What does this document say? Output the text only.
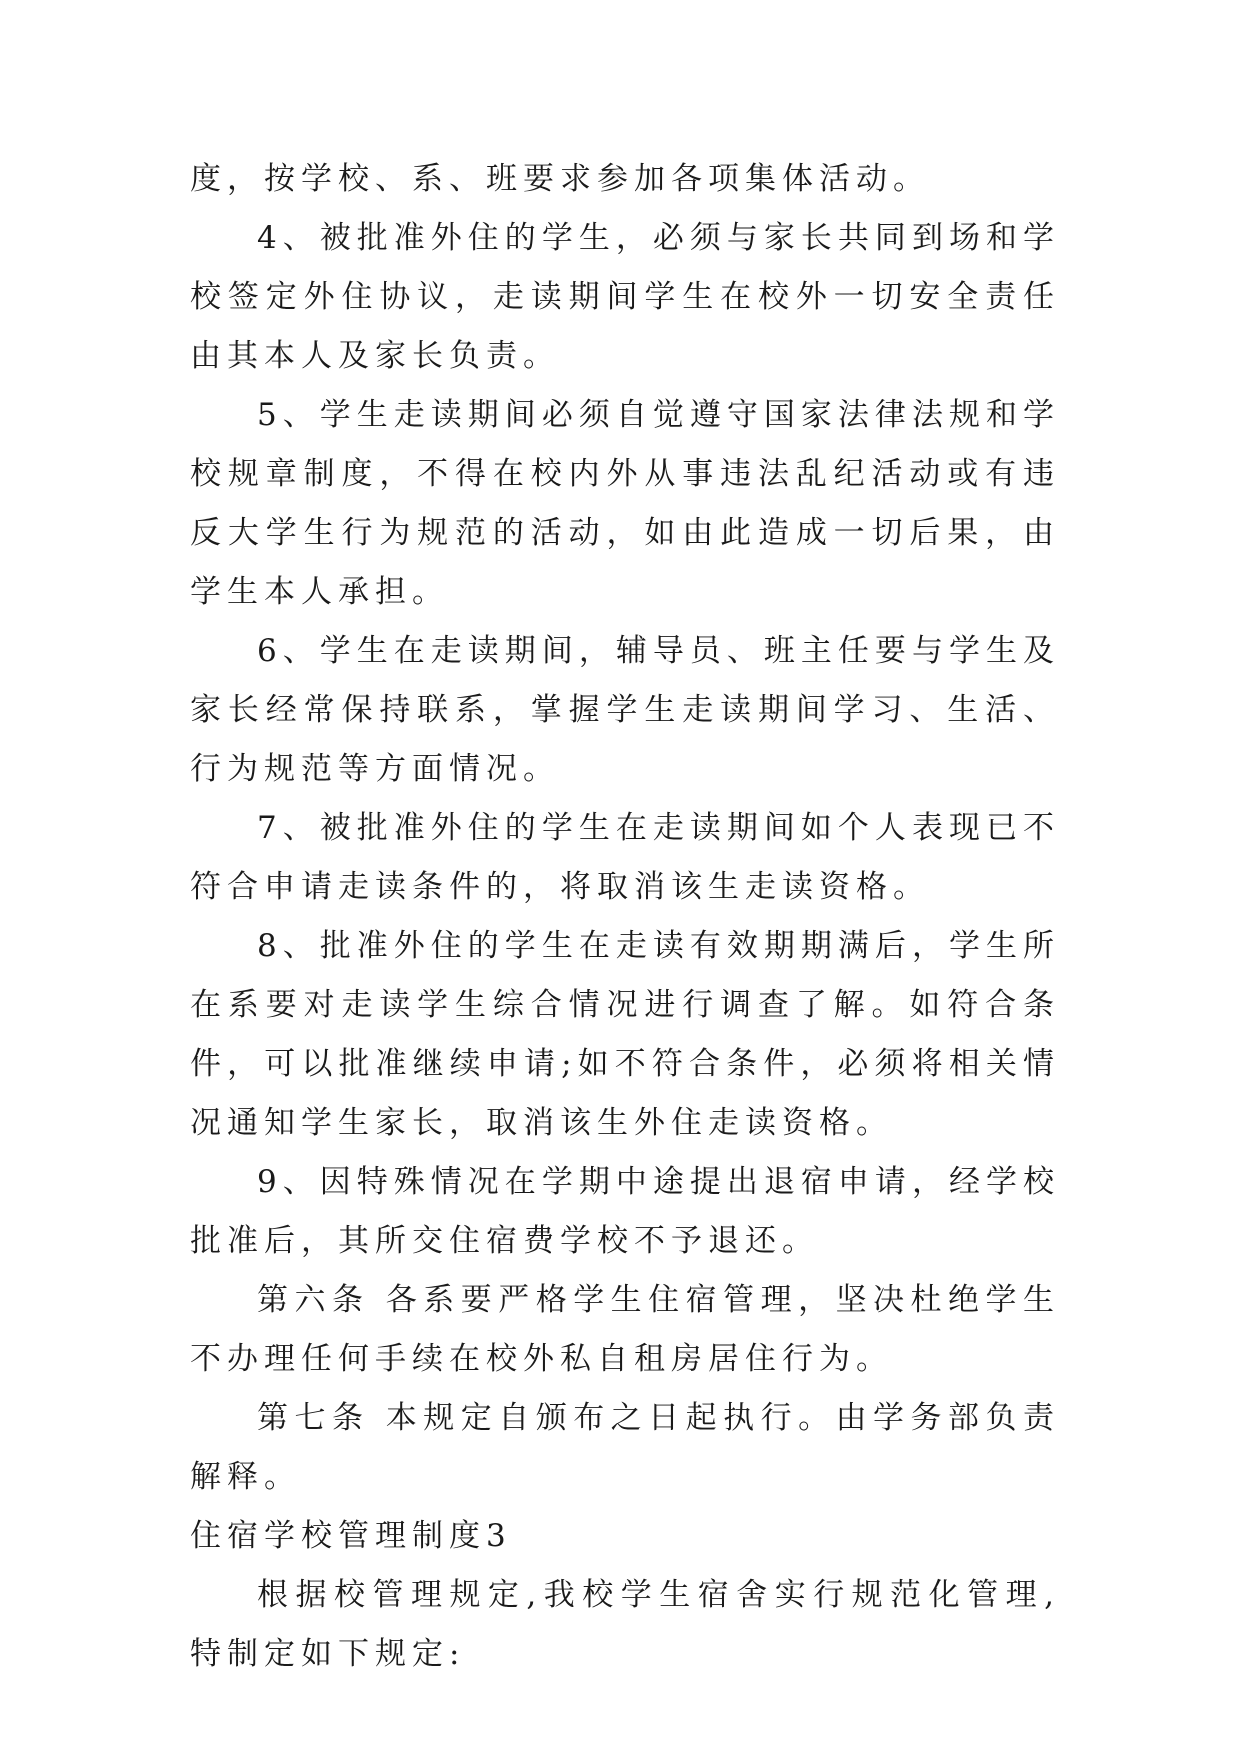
度，按学校、系、班要求参加各项集体活动。

4、被批准外住的学生，必须与家长共同到场和学校签定外住协议，走读期间学生在校外一切安全责任由其本人及家长负责。

5、学生走读期间必须自觉遵守国家法律法规和学校规章制度，不得在校内外从事违法乱纪活动或有违反大学生行为规范的活动，如由此造成一切后果，由学生本人承担。

6、学生在走读期间，辅导员、班主任要与学生及家长经常保持联系，掌握学生走读期间学习、生活、行为规范等方面情况。

7、被批准外住的学生在走读期间如个人表现已不符合申请走读条件的，将取消该生走读资格。

8、批准外住的学生在走读有效期期满后，学生所在系要对走读学生综合情况进行调查了解。如符合条件，可以批准继续申请;如不符合条件，必须将相关情况通知学生家长，取消该生外住走读资格。

9、因特殊情况在学期中途提出退宿申请，经学校批准后，其所交住宿费学校不予退还。

第六条 各系要严格学生住宿管理，坚决杜绝学生不办理任何手续在校外私自租房居住行为。

第七条 本规定自颁布之日起执行。由学务部负责解释。

住宿学校管理制度3

根据校管理规定,我校学生宿舍实行规范化管理,特制定如下规定:
